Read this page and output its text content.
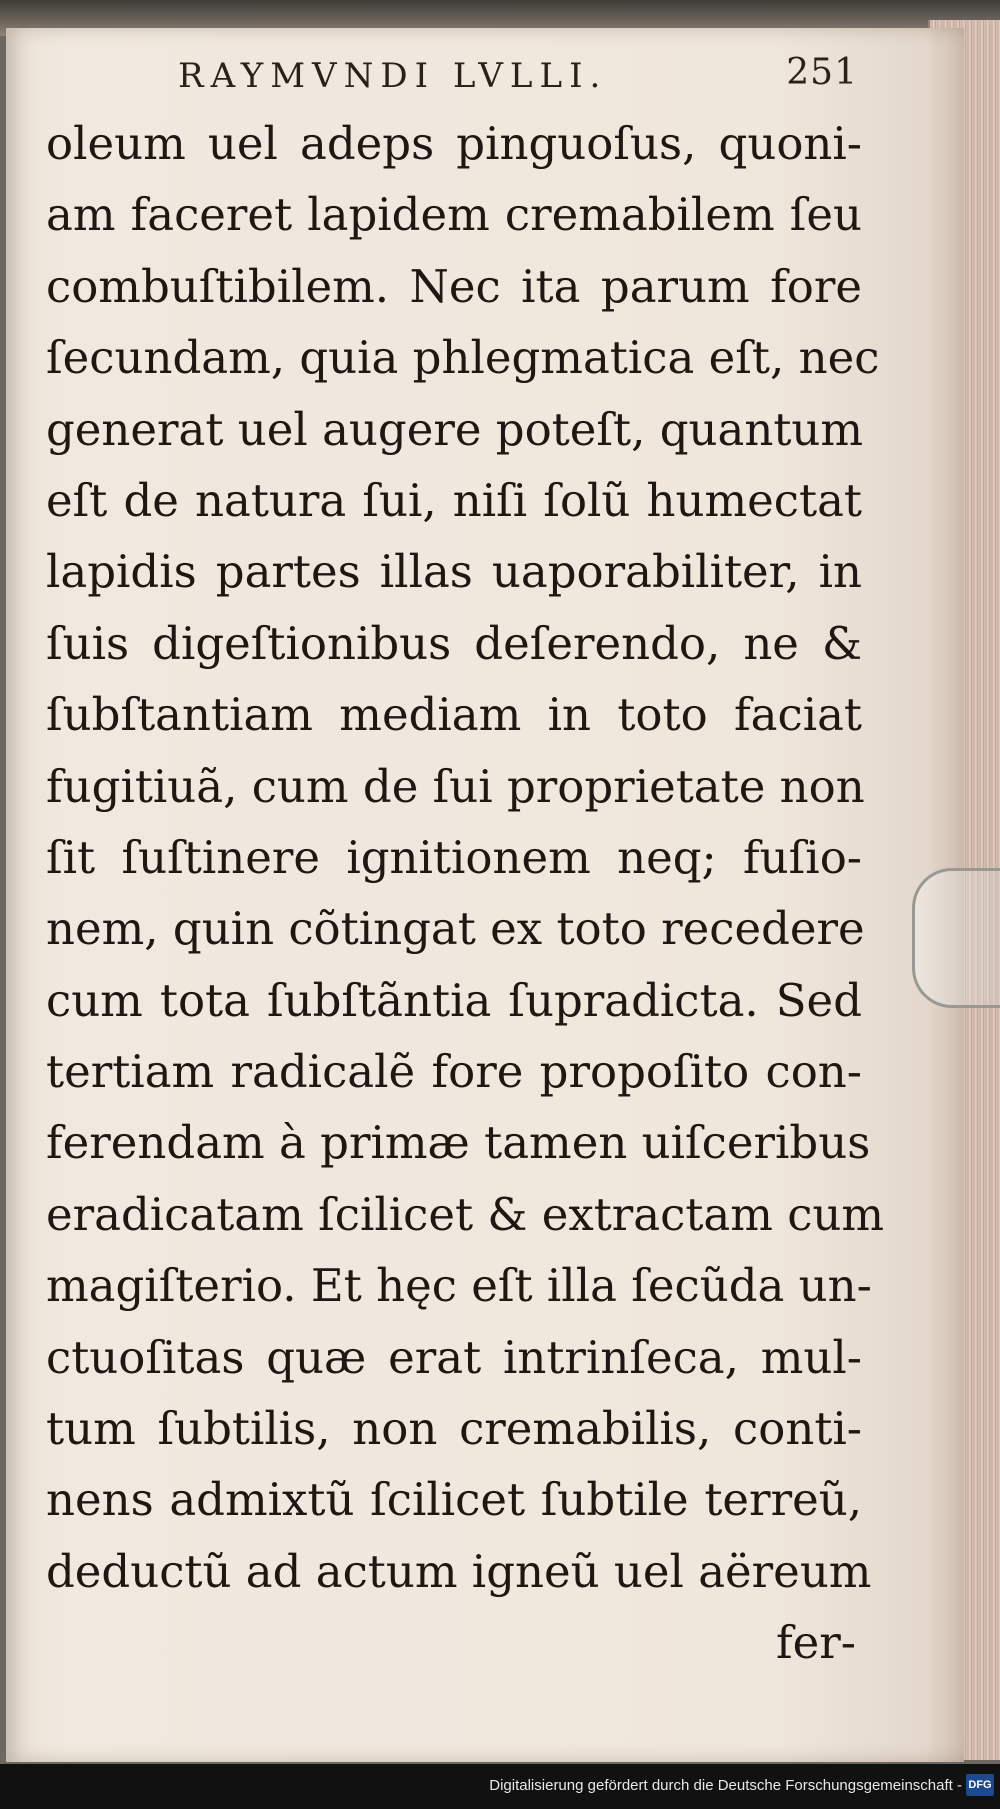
RAYMVNDI LVLLI.	251
oleum uel adeps pinguoſus, quoni-
am faceret lapidem cremabilem ſeu
combuſtibilem. Nec ita parum fore
ſecundam, quia phlegmatica eſt, nec
generat uel augere poteſt, quantum
eſt de natura ſui, niſi ſolũ humectat
lapidis partes illas uaporabiliter, in
ſuis digeſtionibus deſerendo, ne &
ſubſtantiam mediam in toto faciat
fugitiuã, cum de ſui proprietate non
ſit ſuſtinere ignitionem neq; fuſio-
nem, quin cõtingat ex toto recedere
cum tota ſubſtãntia ſupradicta. Sed
tertiam radicalẽ fore propoſito con-
ferendam à primæ tamen uiſceribus
eradicatam ſcilicet & extractam cum
magiſterio. Et hęc eſt illa ſecũda un-
ctuoſitas quæ erat intrinſeca, mul-
tum ſubtilis, non cremabilis, conti-
nens admixtũ ſcilicet ſubtile terreũ,
deductũ ad actum igneũ uel aëreum
fer-
Digitalisierung gefördert durch die Deutsche Forschungsgemeinschaft - DFG
